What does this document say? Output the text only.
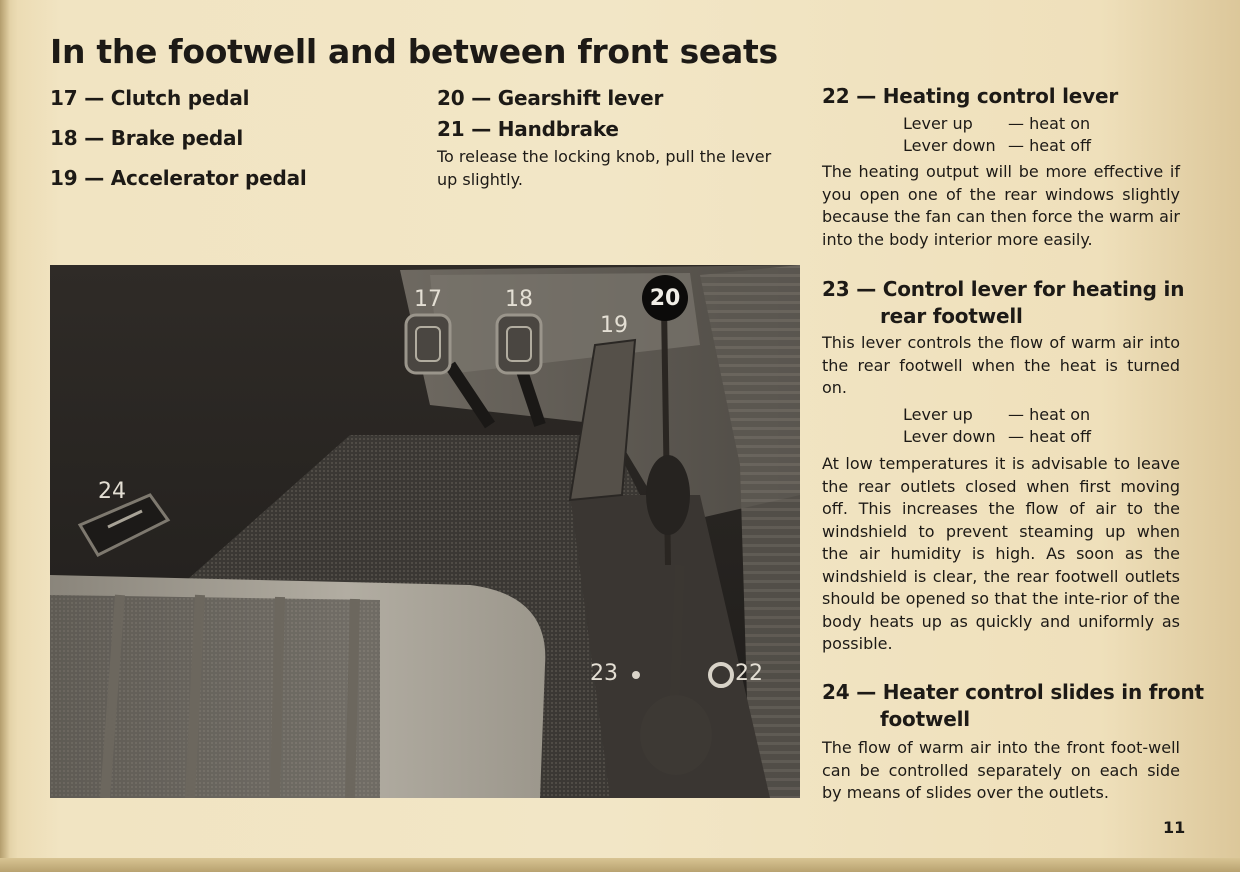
In the footwell and between front seats
17 — Clutch pedal
18 — Brake pedal
19 — Accelerator pedal
20 — Gearshift lever
21 — Handbrake
To release the locking knob, pull the lever
up slightly.
22 — Heating control lever
Lever up — heat on
Lever down — heat off

The heating output will be more effective if you open one of the rear windows slightly because the fan can then force the warm air into the body interior more easily.

23 — Control lever for heating in
rear footwell

This lever controls the flow of warm air into the rear footwell when the heat is turned on.

Lever up — heat on
Lever down — heat off

At low temperatures it is advisable to leave the rear outlets closed when first moving off. This increases the flow of air to the windshield to prevent steaming up when the air humidity is high. As soon as the windshield is clear, the rear footwell outlets should be opened so that the inte-rior of the body heats up as quickly and uniformly as possible.

24 — Heater control slides in front
footwell

The flow of warm air into the front foot-well can be controlled separately on each side by means of slides over the outlets.

17	18
19
20
23	22
24
11
